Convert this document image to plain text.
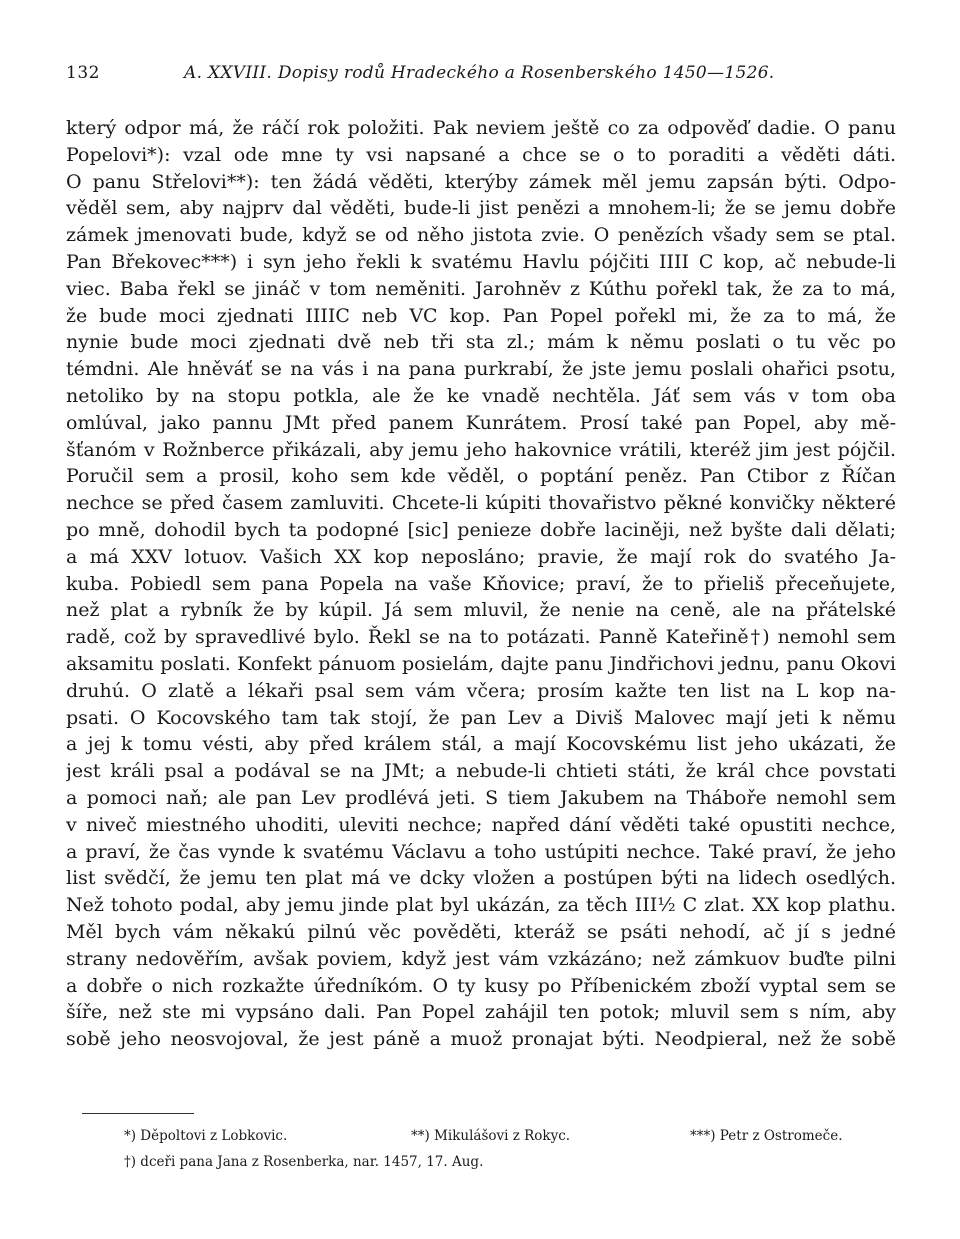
132	A. XXVIII. Dopisy rodů Hradeckého a Rosenberského 1450—1526.
který odpor má, že ráčí rok položiti. Pak neviem ještě co za odpověď dadie. O panu
Popelovi*): vzal ode mne ty vsi napsané a chce se o to poraditi a věděti dáti.
O panu Střelovi**): ten žádá věděti, kterýby zámek měl jemu zapsán býti. Odpo-
věděl sem, aby najprv dal věděti, bude-li jist penězi a mnohem-li; že se jemu dobře
zámek jmenovati bude, když se od něho jistota zvie. O penězích všady sem se ptal.
Pan Břekovec***) i syn jeho řekli k svatému Havlu pójčiti IIII C kop, ač nebude-li
viec. Baba řekl se jináč v tom neměniti. Jarohněv z Kúthu pořekl tak, že za to má,
že bude moci zjednati IIIIC neb VC kop. Pan Popel pořekl mi, že za to má, že
nynie bude moci zjednati dvě neb tři sta zl.; mám k němu poslati o tu věc po
témdni. Ale hněváť se na vás i na pana purkrabí, že jste jemu poslali ohařici psotu,
netoliko by na stopu potkla, ale že ke vnadě nechtěla. Jáť sem vás v tom oba
omlúval, jako pannu JMt před panem Kunrátem. Prosí také pan Popel, aby mě-
šťanóm v Rožnberce přikázali, aby jemu jeho hakovnice vrátili, kteréž jim jest pójčil.
Poručil sem a prosil, koho sem kde věděl, o poptání peněz. Pan Ctibor z Říčan
nechce se před časem zamluviti. Chcete-li kúpiti thovařistvo pěkné konvičky některé
po mně, dohodil bych ta podopné [sic] penieze dobře laciněji, než byšte dali dělati;
a má XXV lotuov. Vašich XX kop neposláno; pravie, že mají rok do svatého Ja-
kuba. Pobiedl sem pana Popela na vaše Kňovice; praví, že to přieliš přeceňujete,
než plat a rybník že by kúpil. Já sem mluvil, že nenie na ceně, ale na přátelské
radě, což by spravedlivé bylo. Řekl se na to potázati. Panně Kateřině†) nemohl sem
aksamitu poslati. Konfekt pánuom posielám, dajte panu Jindřichovi jednu, panu Okovi
druhú. O zlatě a lékaři psal sem vám včera; prosím kažte ten list na L kop na-
psati. O Kocovského tam tak stojí, že pan Lev a Diviš Malovec mají jeti k němu
a jej k tomu vésti, aby před králem stál, a mají Kocovskému list jeho ukázati, že
jest králi psal a podával se na JMt; a nebude-li chtieti státi, že král chce povstati
a pomoci naň; ale pan Lev prodlévá jeti. S tiem Jakubem na Tháboře nemohl sem
v niveč miestného uhoditi, uleviti nechce; napřed dání věděti také opustiti nechce,
a praví, že čas vynde k svatému Václavu a toho ustúpiti nechce. Také praví, že jeho
list svědčí, že jemu ten plat má ve dcky vložen a postúpen býti na lidech osedlých.
Než tohoto podal, aby jemu jinde plat byl ukázán, za těch III½ C zlat. XX kop plathu.
Měl bych vám někakú pilnú věc pověděti, kteráž se psáti nehodí, ač jí s jedné
strany nedověřím, avšak poviem, když jest vám vzkázáno; než zámkuov buďte pilni
a dobře o nich rozkažte úředníkóm. O ty kusy po Příbenickém zboží vyptal sem se
šíře, než ste mi vypsáno dali. Pan Popel zahájil ten potok; mluvil sem s ním, aby
sobě jeho neosvojoval, že jest páně a muož pronajat býti. Neodpieral, než že sobě
*) Děpoltovi z Lobkovic.	**) Mikulášovi z Rokyc.	***) Petr z Ostromeče.
†) dceři pana Jana z Rosenberka, nar. 1457, 17. Aug.
